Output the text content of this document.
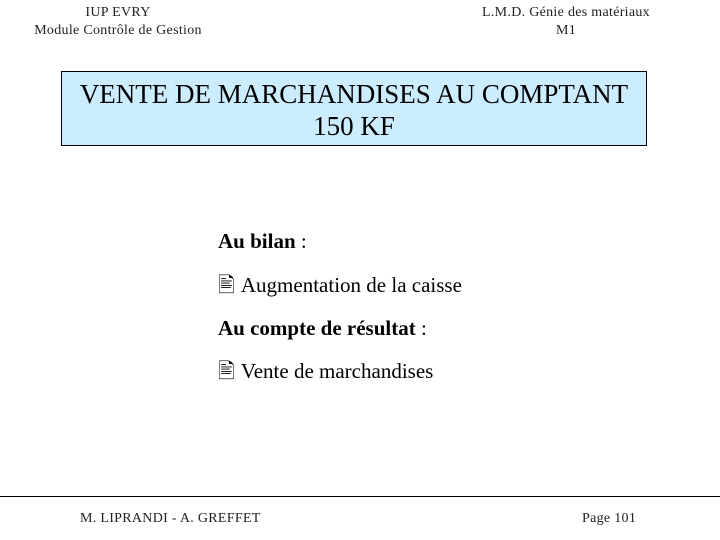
IUP EVRY
Module Contrôle de Gestion
L.M.D. Génie des matériaux
M1
VENTE DE MARCHANDISES AU COMPTANT
150 KF
Au bilan :
🖹 Augmentation de la caisse
Au compte de résultat :
🖹 Vente de marchandises
M. LIPRANDI - A. GREFFET	Page 101
